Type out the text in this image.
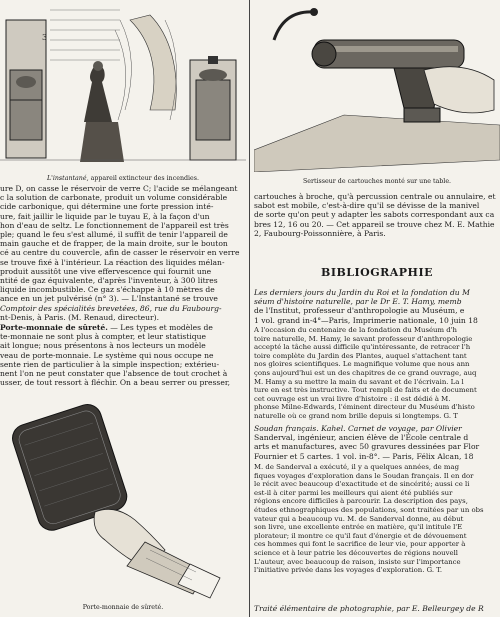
3
L'instantané, appareil extincteur des incendies.
ure D, on casse le réservoir de verre C; l'acide se mélangeant
c la solution de carbonate, produit un volume considérable
cide carbonique, qui détermine une forte pression inté-
ure, fait jaillir le liquide par le tuyau E, à la façon d'un
hon d'eau de seltz. Le fonctionnement de l'appareil est très
ple; quand le feu s'est allumé, il suffit de tenir l'appareil de
main gauche et de frapper, de la main droite, sur le bouton
cé au centre du couvercle, afin de casser le réservoir en verre
se trouve fixé à l'intérieur. La réaction des liquides mélan-
produit aussitôt une vive effervescence qui fournit une
ntité de gaz équivalente, d'après l'inventeur, à 300 litres
liquide incombustible. Ce gaz s'échappe à 10 mètres de
ance en un jet pulvérisé (n° 3). — L'Instantané se trouve
Comptoir des spécialités brevetées, 86, rue du Faubourg-
nt-Denis, à Paris. (M. Renaud, directeur).
Porte-monnaie de sûreté. — Les types et modèles de
te-monnaie ne sont plus à compter, et leur statistique
ait longue; nous présentons à nos lecteurs un modèle
veau de porte-monnaie. Le système qui nous occupe ne
sente rien de particulier à la simple inspection; extérieu-
nent l'on ne peut constater que l'absence de tout crochet à
usser, de tout ressort à fléchir. On a beau serrer ou presser,
Porte-monnaie de sûreté.
Sertisseur de cartouches monté sur une table.
cartouches à broche, qu'à percussion centrale ou annulaire, et
sabot est mobile, c'est-à-dire qu'il se dévisse de la manivel
de sorte qu'on peut y adapter les sabots correspondant aux ca
bres 12, 16 ou 20. — Cet appareil se trouve chez M. E. Mathie
2, Faubourg-Poissonnière, à Paris.
BIBLIOGRAPHIE
Les derniers jours du Jardin du Roi et la fondation du M
séum d'histoire naturelle, par le Dr E. T. Hamy, memb
de l'Institut, professeur d'anthropologie au Muséum, e
1 vol. grand in-4°—Paris, Imprimerie nationale, 10 juin 18
A l'occasion du centenaire de la fondation du Muséum d'h
toire naturelle, M. Hamy, le savant professeur d'anthropologie
accepté la tâche aussi difficile qu'intéressante, de retracer l'h
toire complète du Jardin des Plantes, auquel s'attachent tant
nos gloires scientifiques. Le magnifique volume que nous ann
çons aujourd'hui est un des chapitres de ce grand ouvrage, auq
M. Hamy a su mettre la main du savant et de l'écrivain. La l
ture en est très instructive. Tout rempli de faits et de document
cet ouvrage est un vrai livre d'histoire : il est dédié à M.
phonse Milne-Edwards, l'éminent directeur du Muséum d'histo
naturelle où ce grand nom brille depuis si longtemps. G. T
Soudan français. Kahel. Carnet de voyage, par Olivier
Sanderval, ingénieur, ancien élève de l'École centrale d
arts et manufactures, avec 50 gravures dessinées par Flor
Fournier et 5 cartes. 1 vol. in-8°. — Paris, Félix Alcan, 18
M. de Sanderval a exécuté, il y a quelques années, de mag
fiques voyages d'exploration dans le Soudan français. Il en dor
le récit avec beaucoup d'exactitude et de sincérité; aussi ce li
est-il à citer parmi les meilleurs qui aient été publiés sur
régions encore difficiles à parcourir. La description des pays,
études ethnographiques des populations, sont traitées par un obs
vateur qui a beaucoup vu. M. de Sanderval donne, au début
son livre, une excellente entrée en matière, qu'il intitule l'E
plorateur; il montre ce qu'il faut d'énergie et de dévouement
ces hommes qui font le sacrifice de leur vie, pour apporter à
science et à leur patrie les découvertes de régions nouvell
L'auteur, avec beaucoup de raison, insiste sur l'importance
l'initiative privée dans les voyages d'exploration. G. T.
Traité élémentaire de photographie, par E. Belleurgey de R
